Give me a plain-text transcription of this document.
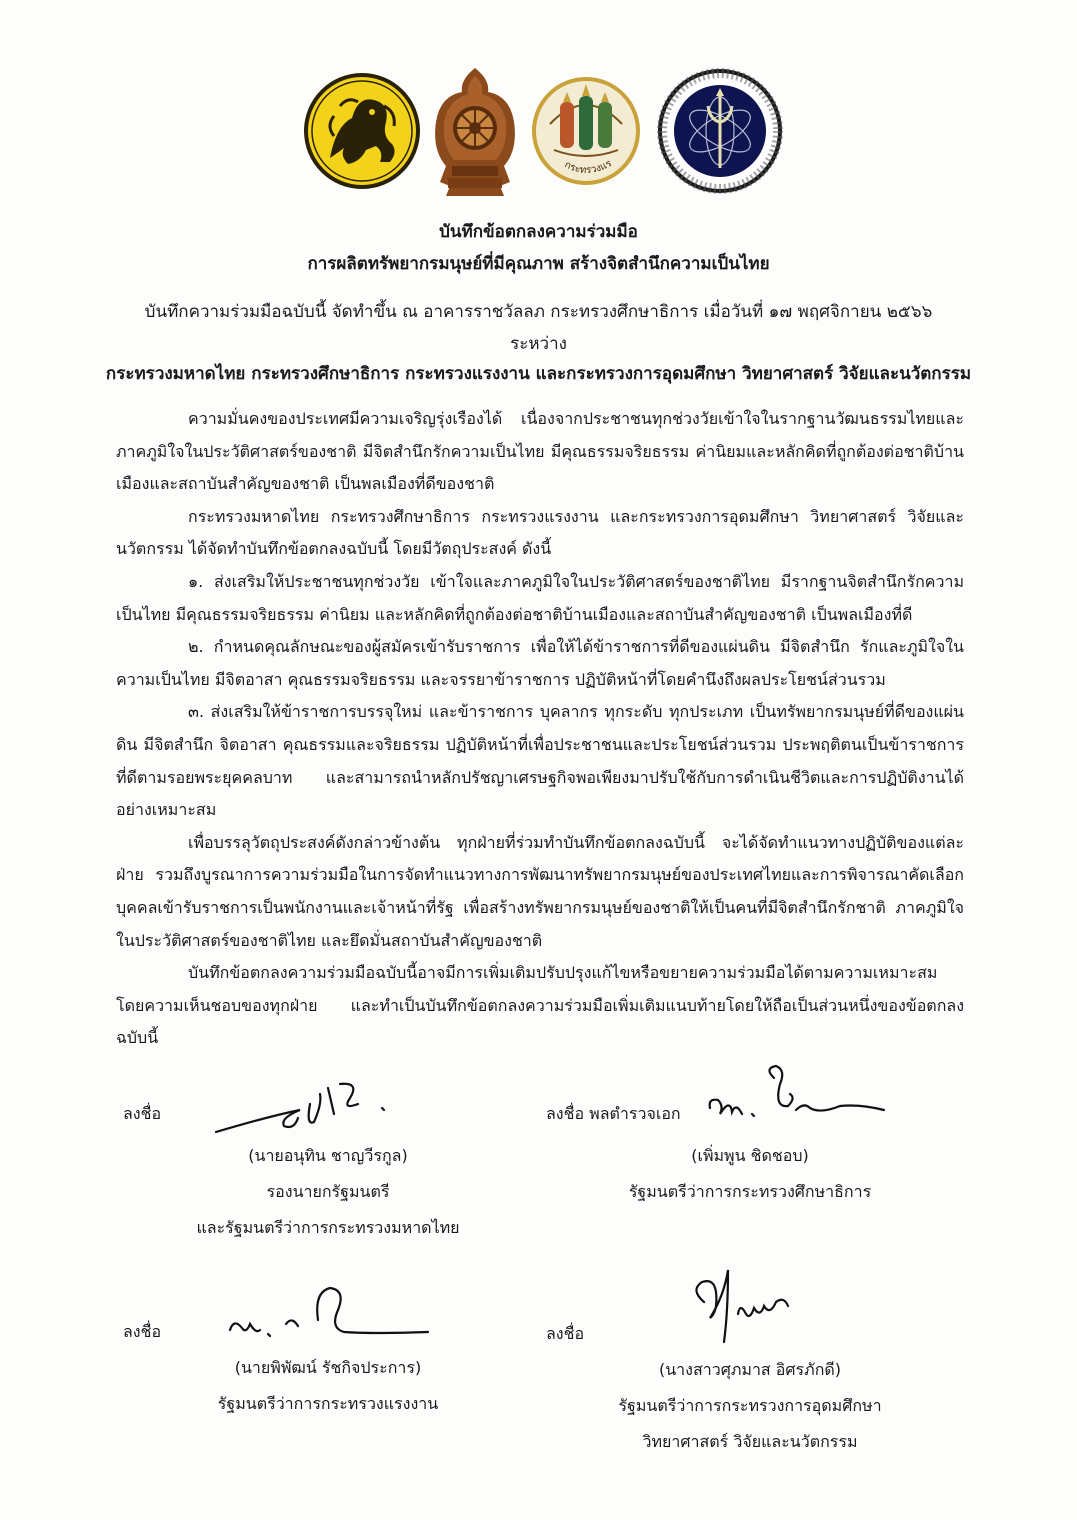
กระทรวงแร
บันทึกข้อตกลงความร่วมมือ
การผลิตทรัพยากรมนุษย์ที่มีคุณภาพ สร้างจิตสำนึกความเป็นไทย
บันทึกความร่วมมือฉบับนี้ จัดทำขึ้น ณ อาคารราชวัลลภ กระทรวงศึกษาธิการ เมื่อวันที่ ๑๗ พฤศจิกายน ๒๕๖๖
ระหว่าง
กระทรวงมหาดไทย กระทรวงศึกษาธิการ กระทรวงแรงงาน และกระทรวงการอุดมศึกษา วิทยาศาสตร์ วิจัยและนวัตกรรม

ความมั่นคงของประเทศมีความเจริญรุ่งเรืองได้ เนื่องจากประชาชนทุกช่วงวัยเข้าใจในรากฐานวัฒนธรรมไทยและภาคภูมิใจในประวัติศาสตร์ของชาติ มีจิตสำนึกรักความเป็นไทย มีคุณธรรมจริยธรรม ค่านิยมและหลักคิดที่ถูกต้องต่อชาติบ้านเมืองและสถาบันสำคัญของชาติ เป็นพลเมืองที่ดีของชาติ

กระทรวงมหาดไทย กระทรวงศึกษาธิการ กระทรวงแรงงาน และกระทรวงการอุดมศึกษา วิทยาศาสตร์ วิจัยและนวัตกรรม ได้จัดทำบันทึกข้อตกลงฉบับนี้ โดยมีวัตถุประสงค์ ดังนี้

๑. ส่งเสริมให้ประชาชนทุกช่วงวัย เข้าใจและภาคภูมิใจในประวัติศาสตร์ของชาติไทย มีรากฐานจิตสำนึกรักความเป็นไทย มีคุณธรรมจริยธรรม ค่านิยม และหลักคิดที่ถูกต้องต่อชาติบ้านเมืองและสถาบันสำคัญของชาติ เป็นพลเมืองที่ดี

๒. กำหนดคุณลักษณะของผู้สมัครเข้ารับราชการ เพื่อให้ได้ข้าราชการที่ดีของแผ่นดิน มีจิตสำนึก รักและภูมิใจในความเป็นไทย มีจิตอาสา คุณธรรมจริยธรรม และจรรยาข้าราชการ ปฏิบัติหน้าที่โดยคำนึงถึงผลประโยชน์ส่วนรวม

๓. ส่งเสริมให้ข้าราชการบรรจุใหม่ และข้าราชการ บุคลากร ทุกระดับ ทุกประเภท เป็นทรัพยากรมนุษย์ที่ดีของแผ่นดิน มีจิตสำนึก จิตอาสา คุณธรรมและจริยธรรม ปฏิบัติหน้าที่เพื่อประชาชนและประโยชน์ส่วนรวม ประพฤติตนเป็นข้าราชการที่ดีตามรอยพระยุคคลบาท และสามารถนำหลักปรัชญาเศรษฐกิจพอเพียงมาปรับใช้กับการดำเนินชีวิตและการปฏิบัติงานได้อย่างเหมาะสม

เพื่อบรรลุวัตถุประสงค์ดังกล่าวข้างต้น ทุกฝ่ายที่ร่วมทำบันทึกข้อตกลงฉบับนี้ จะได้จัดทำแนวทางปฏิบัติของแต่ละฝ่าย รวมถึงบูรณาการความร่วมมือในการจัดทำแนวทางการพัฒนาทรัพยากรมนุษย์ของประเทศไทยและการพิจารณาคัดเลือกบุคคลเข้ารับราชการเป็นพนักงานและเจ้าหน้าที่รัฐ เพื่อสร้างทรัพยากรมนุษย์ของชาติให้เป็นคนที่มีจิตสำนึกรักชาติ ภาคภูมิใจในประวัติศาสตร์ของชาติไทย และยึดมั่นสถาบันสำคัญของชาติ

บันทึกข้อตกลงความร่วมมือฉบับนี้อาจมีการเพิ่มเติมปรับปรุงแก้ไขหรือขยายความร่วมมือได้ตามความเหมาะสม โดยความเห็นชอบของทุกฝ่าย และทำเป็นบันทึกข้อตกลงความร่วมมือเพิ่มเติมแนบท้ายโดยให้ถือเป็นส่วนหนึ่งของข้อตกลงฉบับนี้

ลงชื่อ
(นายอนุทิน ชาญวีรกูล)
รองนายกรัฐมนตรี
และรัฐมนตรีว่าการกระทรวงมหาดไทย
ลงชื่อ พลตำรวจเอก
(เพิ่มพูน ชิดชอบ)
รัฐมนตรีว่าการกระทรวงศึกษาธิการ
ลงชื่อ
(นายพิพัฒน์ รัชกิจประการ)
รัฐมนตรีว่าการกระทรวงแรงงาน
ลงชื่อ
(นางสาวศุภมาส อิศรภักดี)
รัฐมนตรีว่าการกระทรวงการอุดมศึกษา
วิทยาศาสตร์ วิจัยและนวัตกรรม
